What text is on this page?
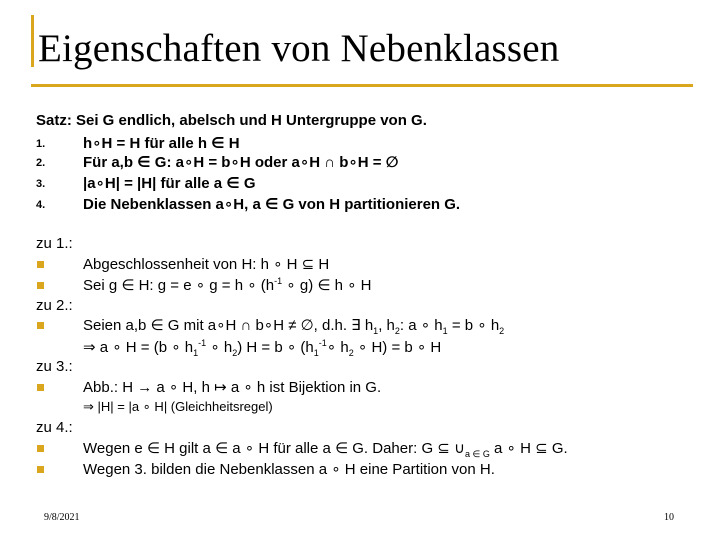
Eigenschaften von Nebenklassen
Satz: Sei G endlich, abelsch und H Untergruppe von G.
1.	h∘H = H für alle h ∈ H
2.	Für a,b ∈ G: a∘H = b∘H oder a∘H ∩ b∘H = ∅
3.	|a∘H| = |H| für alle a ∈ G
4.	Die Nebenklassen a∘H, a ∈ G von H partitionieren G.
zu 1.:
Abgeschlossenheit von H: h ∘ H ⊆ H
Sei g ∈ H: g = e ∘ g = h ∘ ($h^{-1}$ ∘ g) ∈ h ∘ H
zu 2.:
Seien a,b ∈ G mit a∘H ∩ b∘H ≠ ∅, d.h. ∃ $h_1$, $h_2$: a ∘ $h_1 = b$ ∘ $h_2$
⇒ a ∘ H = (b ∘ $h_1^{-1}$ ∘ $h_2$) H = b ∘ ($h_1^{-1}\circ$ $h_2$ ∘ H) = b ∘ H
zu 3.:
Abb.: H → a ∘ H, h ↦ a ∘ h ist Bijektion in G.
⇒ |H| = |a ∘ H| (Gleichheitsregel)
zu 4.:
Wegen e ∈ H gilt a ∈ a ∘ H für alle a ∈ G. Daher: G ⊆ $\cup_{a \in G}$ a ∘ H ⊆ G.
Wegen 3. bilden die Nebenklassen a ∘ H eine Partition von H.
9/8/2021	10
